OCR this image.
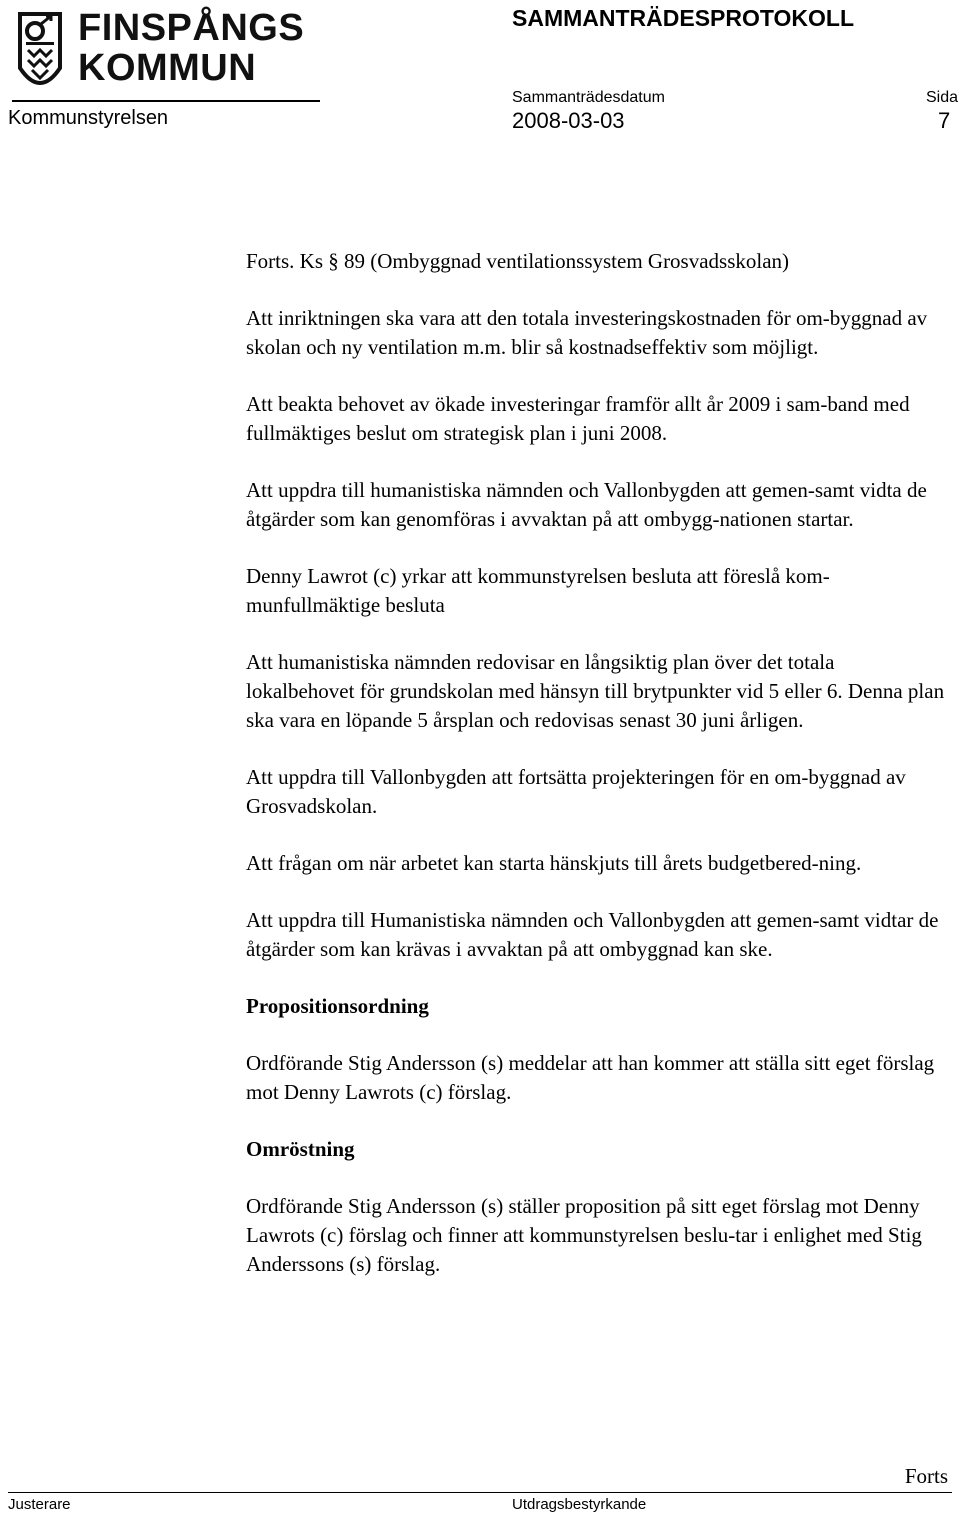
FINSPÅNGS
KOMMUN
Kommunstyrelsen
SAMMANTRÄDESPROTOKOLL
Sammanträdesdatum	Sida
2008-03-03	7

Forts. Ks § 89 (Ombyggnad ventilationssystem Grosvadsskolan)

Att inriktningen ska vara att den totala investeringskostnaden för om-byggnad av skolan och ny ventilation m.m. blir så kostnadseffektiv som möjligt.

Att beakta behovet av ökade investeringar framför allt år 2009 i sam-band med fullmäktiges beslut om strategisk plan i juni 2008.

Att uppdra till humanistiska nämnden och Vallonbygden att gemen-samt vidta de åtgärder som kan genomföras i avvaktan på att ombygg-nationen startar.

Denny Lawrot (c) yrkar att kommunstyrelsen besluta att föreslå kom-munfullmäktige besluta

Att humanistiska nämnden redovisar en långsiktig plan över det totala lokalbehovet för grundskolan med hänsyn till brytpunkter vid 5 eller 6. Denna plan ska vara en löpande 5 årsplan och redovisas senast 30 juni årligen.

Att uppdra till Vallonbygden att fortsätta projekteringen för en om-byggnad av Grosvadskolan.

Att frågan om när arbetet kan starta hänskjuts till årets budgetbered-ning.

Att uppdra till Humanistiska nämnden och Vallonbygden att gemen-samt vidtar de åtgärder som kan krävas i avvaktan på att ombyggnad kan ske.

Propositionsordning

Ordförande Stig Andersson (s) meddelar att han kommer att ställa sitt eget förslag mot Denny Lawrots (c) förslag.

Omröstning

Ordförande Stig Andersson (s) ställer proposition på sitt eget förslag mot Denny Lawrots (c) förslag och finner att kommunstyrelsen beslu-tar i enlighet med Stig Anderssons (s) förslag.

Forts
Justerare	Utdragsbestyrkande
